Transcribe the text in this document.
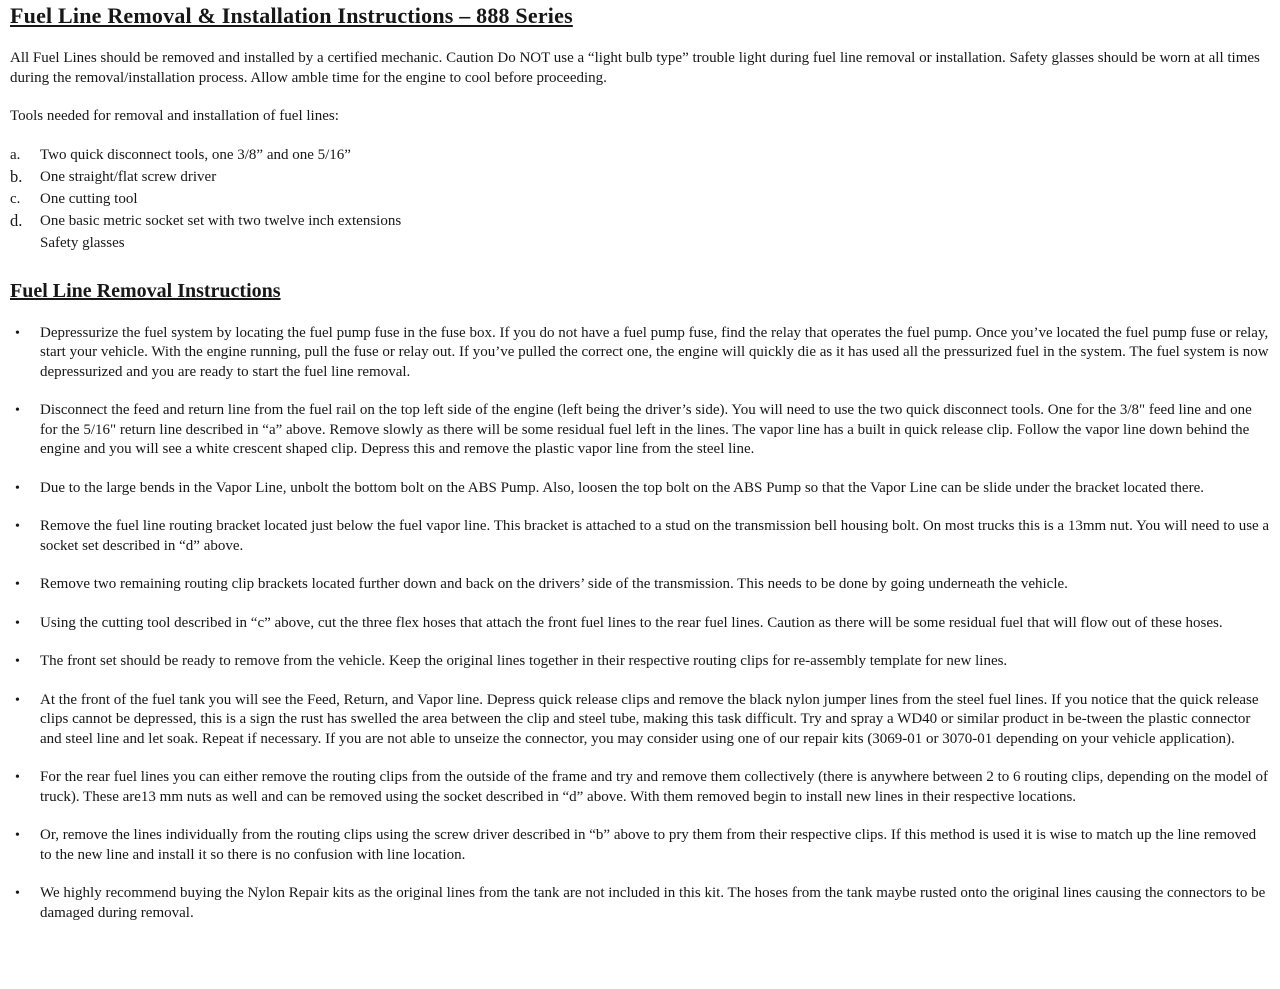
Fuel Line Removal & Installation Instructions – 888 Series

All Fuel Lines should be removed and installed by a certified mechanic. Caution Do NOT use a “light bulb type” trouble light during fuel line removal or installation. Safety glasses should be worn at all times during the removal/installation process. Allow amble time for the engine to cool before proceeding.

Tools needed for removal and installation of fuel lines:

a.	Two quick disconnect tools, one 3/8” and one 5/16”
b.	One straight/flat screw driver
c.	One cutting tool
d.	One basic metric socket set with two twelve inch extensions
Safety glasses
Fuel Line Removal Instructions
•	Depressurize the fuel system by locating the fuel pump fuse in the fuse box. If you do not have a fuel pump fuse, find the relay that operates the fuel pump. Once you’ve located the fuel pump fuse or relay, start your vehicle. With the engine running, pull the fuse or relay out. If you’ve pulled the correct one, the engine will quickly die as it has used all the pressurized fuel in the system. The fuel system is now depressurized and you are ready to start the fuel line removal.

•	Disconnect the feed and return line from the fuel rail on the top left side of the engine (left being the driver’s side). You will need to use the two quick disconnect tools. One for the 3/8" feed line and one for the 5/16" return line described in “a” above. Remove slowly as there will be some residual fuel left in the lines. The vapor line has a built in quick release clip. Follow the vapor line down behind the engine and you will see a white crescent shaped clip. Depress this and remove the plastic vapor line from the steel line.

•	Due to the large bends in the Vapor Line, unbolt the bottom bolt on the ABS Pump. Also, loosen the top bolt on the ABS Pump so that the Vapor Line can be slide under the bracket located there.

•	Remove the fuel line routing bracket located just below the fuel vapor line. This bracket is attached to a stud on the transmission bell housing bolt. On most trucks this is a 13mm nut. You will need to use a socket set described in “d” above.

•	Remove two remaining routing clip brackets located further down and back on the drivers’ side of the transmission. This needs to be done by going underneath the vehicle.

•	Using the cutting tool described in “c” above, cut the three flex hoses that attach the front fuel lines to the rear fuel lines. Caution as there will be some residual fuel that will flow out of these hoses.

•	The front set should be ready to remove from the vehicle. Keep the original lines together in their respective routing clips for re-assembly template for new lines.

•	At the front of the fuel tank you will see the Feed, Return, and Vapor line. Depress quick release clips and remove the black nylon jumper lines from the steel fuel lines. If you notice that the quick release clips cannot be depressed, this is a sign the rust has swelled the area between the clip and steel tube, making this task difficult. Try and spray a WD40 or similar product in be-tween the plastic connector and steel line and let soak. Repeat if necessary. If you are not able to unseize the connector, you may consider using one of our repair kits (3069-01 or 3070-01 depending on your vehicle application).

•	For the rear fuel lines you can either remove the routing clips from the outside of the frame and try and remove them collectively (there is anywhere between 2 to 6 routing clips, depending on the model of truck). These are13 mm nuts as well and can be removed using the socket described in “d” above. With them removed begin to install new lines in their respective locations.

•	Or, remove the lines individually from the routing clips using the screw driver described in “b” above to pry them from their respective clips. If this method is used it is wise to match up the line removed to the new line and install it so there is no confusion with line location.

•	We highly recommend buying the Nylon Repair kits as the original lines from the tank are not included in this kit. The hoses from the tank maybe rusted onto the original lines causing the connectors to be damaged during removal.
